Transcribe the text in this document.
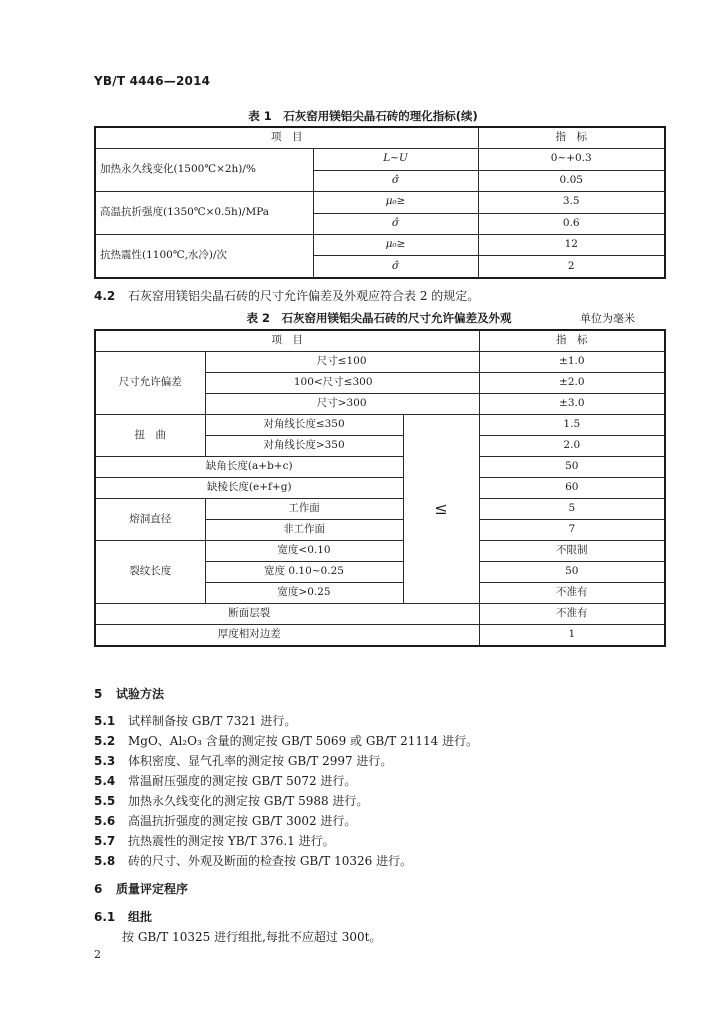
YB/T 4446—2014
表 1　石灰窑用镁铝尖晶石砖的理化指标(续)
项　目		指　标
加热永久线变化(1500℃×2h)/%	L~U	0~+0.3
	σ̂	0.05
高温抗折强度(1350℃×0.5h)/MPa	μ₀≥	3.5
	σ̂	0.6
抗热震性(1100℃,水冷)/次	μ₀≥	12
	σ̂	2
4.2 石灰窑用镁铝尖晶石砖的尺寸允许偏差及外观应符合表 2 的规定。
表 2　石灰窑用镁铝尖晶石砖的尺寸允许偏差及外观	单位为毫米
项　目			指　标
尺寸允许偏差	尺寸≤100		±1.0
	100<尺寸≤300		±2.0
	尺寸>300		±3.0
扭　曲	对角线长度≤350	≤	1.5
	对角线长度>350		2.0
缺角长度(a+b+c)			50
缺棱长度(e+f+g)			60
熔洞直径	工作面		5
	非工作面		7
裂纹长度	宽度<0.10		不限制
	宽度 0.10~0.25		50
	宽度>0.25		不准有
断面层裂			不准有
厚度相对边差			1
5 试验方法
5.1 试样制备按 GB/T 7321 进行。
5.2 MgO、Al₂O₃ 含量的测定按 GB/T 5069 或 GB/T 21114 进行。
5.3 体积密度、显气孔率的测定按 GB/T 2997 进行。
5.4 常温耐压强度的测定按 GB/T 5072 进行。
5.5 加热永久线变化的测定按 GB/T 5988 进行。
5.6 高温抗折强度的测定按 GB/T 3002 进行。
5.7 抗热震性的测定按 YB/T 376.1 进行。
5.8 砖的尺寸、外观及断面的检查按 GB/T 10326 进行。
6 质量评定程序
6.1 组批
按 GB/T 10325 进行组批,每批不应超过 300t。
2
